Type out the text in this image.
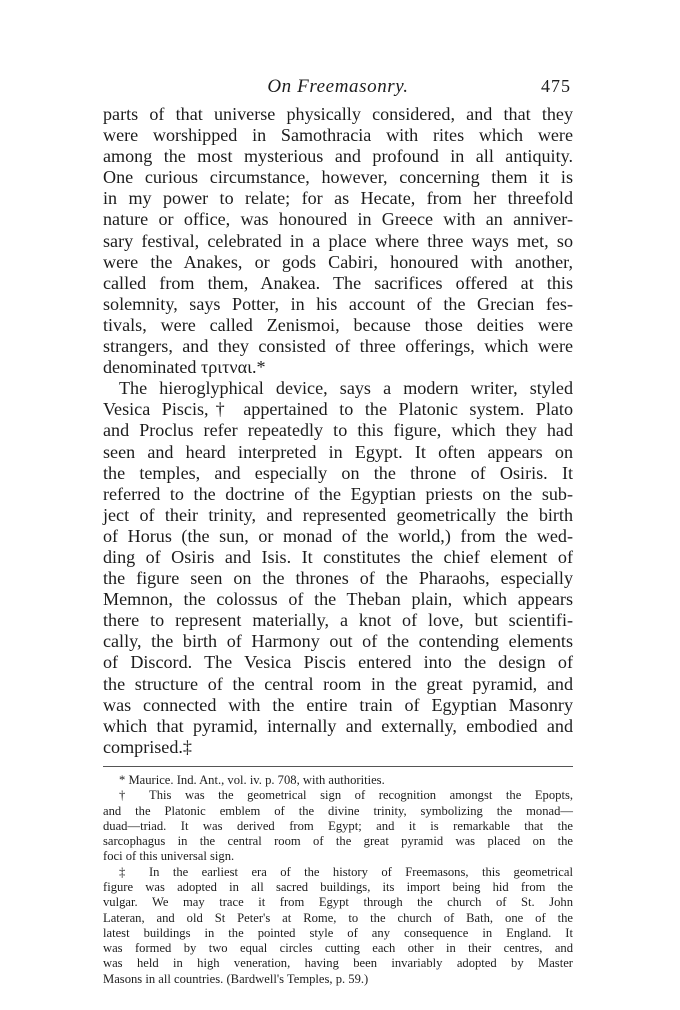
On Freemasonry.	475
parts of that universe physically considered, and that they
were worshipped in Samothracia with rites which were
among the most mysterious and profound in all antiquity.
One curious circumstance, however, concerning them it is
in my power to relate; for as Hecate, from her threefold
nature or office, was honoured in Greece with an anniver-
sary festival, celebrated in a place where three ways met, so
were the Anakes, or gods Cabiri, honoured with another,
called from them, Anakea. The sacrifices offered at this
solemnity, says Potter, in his account of the Grecian fes-
tivals, were called Zenismoi, because those deities were
strangers, and they consisted of three offerings, which were
denominated τριτναι.*
The hieroglyphical device, says a modern writer, styled
Vesica Piscis,† appertained to the Platonic system. Plato
and Proclus refer repeatedly to this figure, which they had
seen and heard interpreted in Egypt. It often appears on
the temples, and especially on the throne of Osiris. It
referred to the doctrine of the Egyptian priests on the sub-
ject of their trinity, and represented geometrically the birth
of Horus (the sun, or monad of the world,) from the wed-
ding of Osiris and Isis. It constitutes the chief element of
the figure seen on the thrones of the Pharaohs, especially
Memnon, the colossus of the Theban plain, which appears
there to represent materially, a knot of love, but scientifi-
cally, the birth of Harmony out of the contending elements
of Discord. The Vesica Piscis entered into the design of
the structure of the central room in the great pyramid, and
was connected with the entire train of Egyptian Masonry
which that pyramid, internally and externally, embodied and
comprised.‡
* Maurice. Ind. Ant., vol. iv. p. 708, with authorities.
† This was the geometrical sign of recognition amongst the Epopts,
and the Platonic emblem of the divine trinity, symbolizing the monad—
duad—triad. It was derived from Egypt; and it is remarkable that the
sarcophagus in the central room of the great pyramid was placed on the
foci of this universal sign.
‡ In the earliest era of the history of Freemasons, this geometrical
figure was adopted in all sacred buildings, its import being hid from the
vulgar. We may trace it from Egypt through the church of St. John
Lateran, and old St Peter's at Rome, to the church of Bath, one of the
latest buildings in the pointed style of any consequence in England. It
was formed by two equal circles cutting each other in their centres, and
was held in high veneration, having been invariably adopted by Master
Masons in all countries. (Bardwell's Temples, p. 59.)
